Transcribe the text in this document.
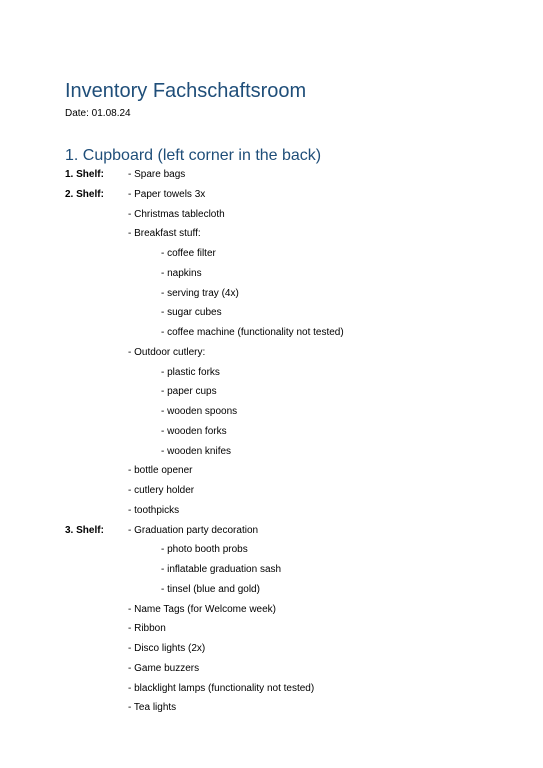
Inventory Fachschaftsroom
Date: 01.08.24
1. Cupboard (left corner in the back)
1. Shelf: - Spare bags
2. Shelf: - Paper towels 3x
- Christmas tablecloth
- Breakfast stuff:
- coffee filter
- napkins
- serving tray (4x)
- sugar cubes
- coffee machine (functionality not tested)
- Outdoor cutlery:
- plastic forks
- paper cups
- wooden spoons
- wooden forks
- wooden knifes
- bottle opener
- cutlery holder
- toothpicks
3. Shelf: - Graduation party decoration
- photo booth probs
- inflatable graduation sash
- tinsel (blue and gold)
- Name Tags (for Welcome week)
- Ribbon
- Disco lights (2x)
- Game buzzers
- blacklight lamps (functionality not tested)
- Tea lights
